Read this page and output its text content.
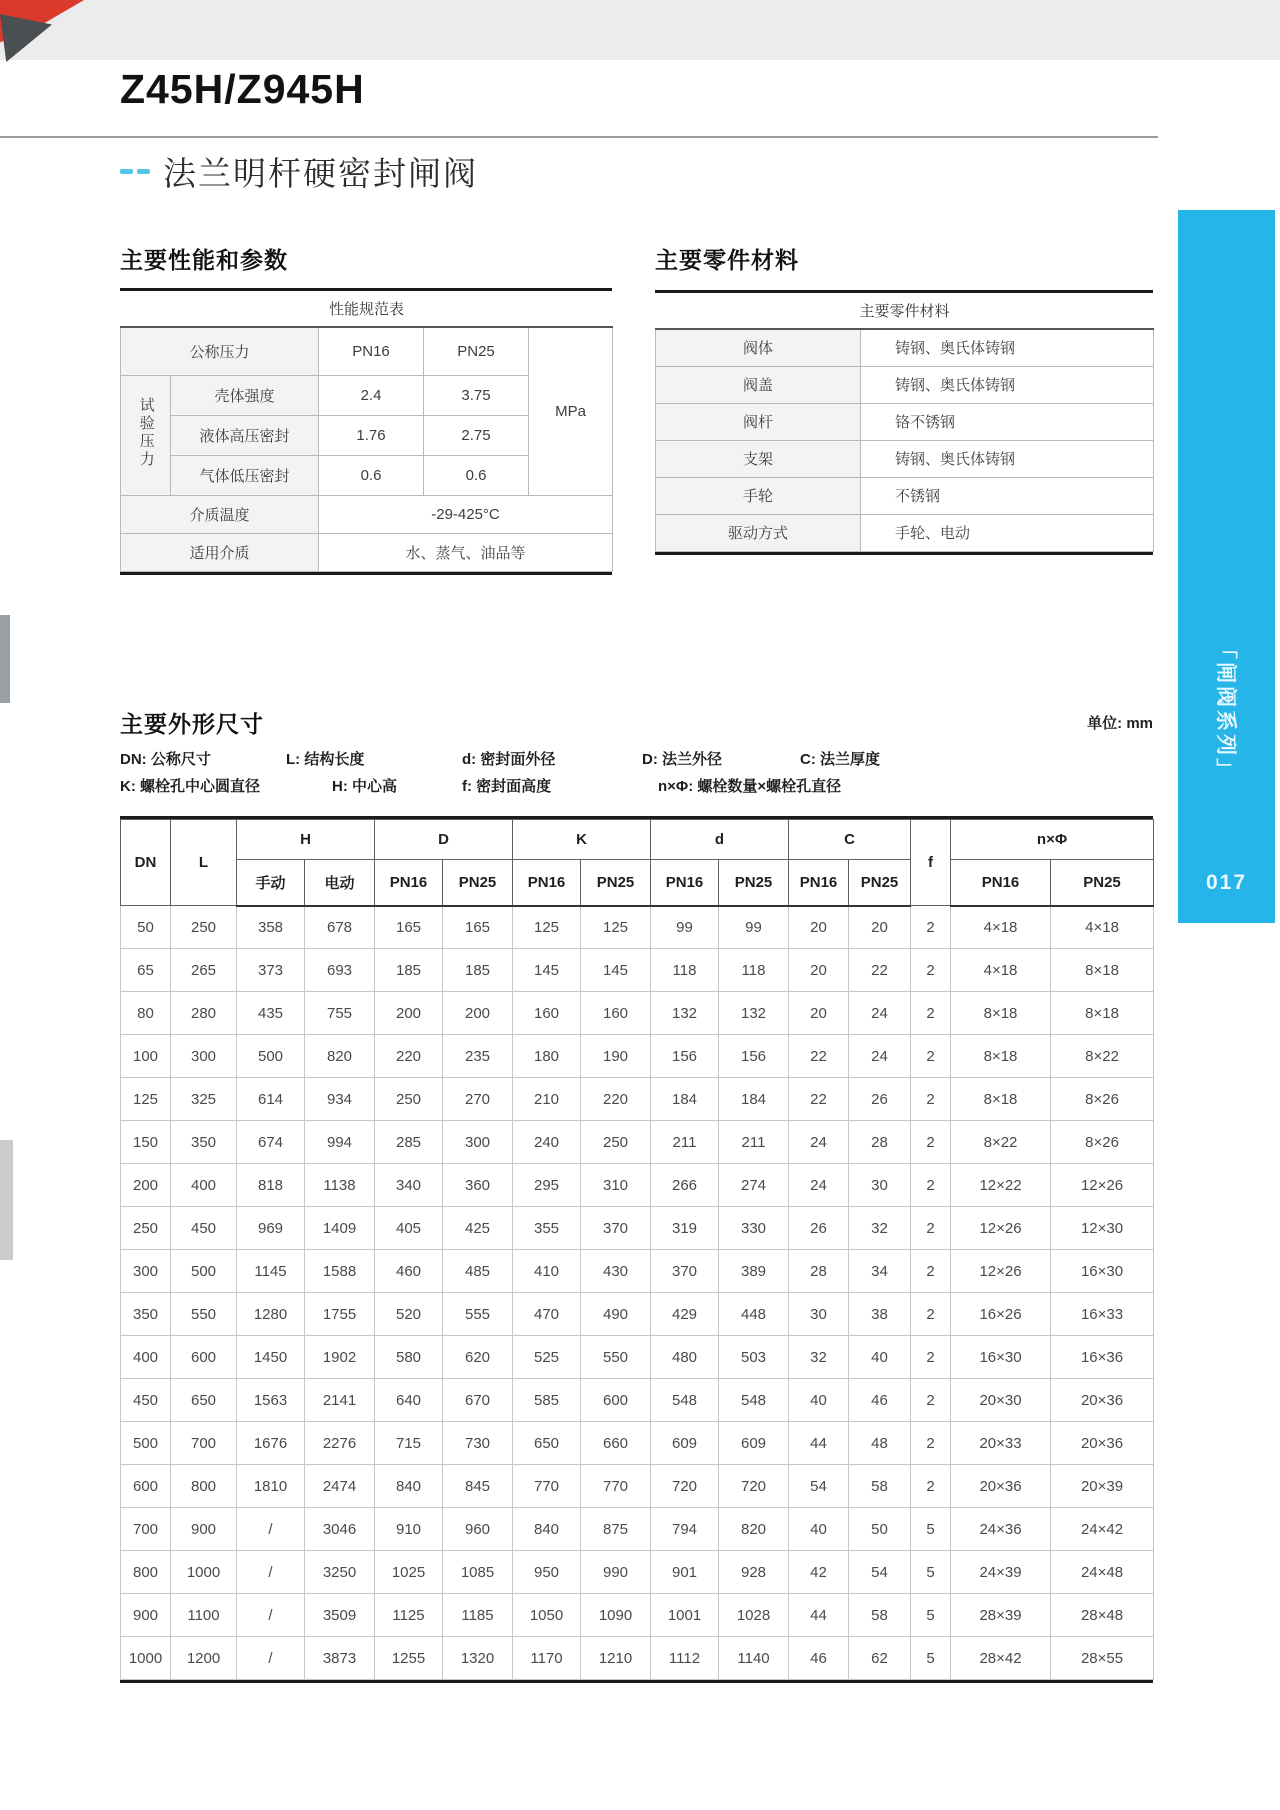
Z45H/Z945H
法兰明杆硬密封闸阀
主要性能和参数	主要零件材料
性能规范表				
公称压力		PN16	PN25	MPa
试验压力	壳体强度	2.4	3.75	
	液体高压密封	1.76	2.75	
	气体低压密封	0.6	0.6	
介质温度		-29-425°C		
适用介质		水、蒸气、油品等		
主要零件材料	
阀体	铸钢、奥氏体铸钢
阀盖	铸钢、奥氏体铸钢
阀杆	铬不锈钢
支架	铸钢、奥氏体铸钢
手轮	不锈钢
驱动方式	手轮、电动
主要外形尺寸	单位: mm
DN: 公称尺寸	L: 结构长度	d: 密封面外径	D: 法兰外径	C: 法兰厚度
K: 螺栓孔中心圆直径	H: 中心高	f: 密封面高度	n×Φ: 螺栓数量×螺栓孔直径
DN	L	H		D		K		d		C		f	n×Φ	
		手动	电动	PN16	PN25	PN16	PN25	PN16	PN25	PN16	PN25		PN16	PN25
50	250	358	678	165	165	125	125	99	99	20	20	2	4×18	4×18
65	265	373	693	185	185	145	145	118	118	20	22	2	4×18	8×18
80	280	435	755	200	200	160	160	132	132	20	24	2	8×18	8×18
100	300	500	820	220	235	180	190	156	156	22	24	2	8×18	8×22
125	325	614	934	250	270	210	220	184	184	22	26	2	8×18	8×26
150	350	674	994	285	300	240	250	211	211	24	28	2	8×22	8×26
200	400	818	1138	340	360	295	310	266	274	24	30	2	12×22	12×26
250	450	969	1409	405	425	355	370	319	330	26	32	2	12×26	12×30
300	500	1145	1588	460	485	410	430	370	389	28	34	2	12×26	16×30
350	550	1280	1755	520	555	470	490	429	448	30	38	2	16×26	16×33
400	600	1450	1902	580	620	525	550	480	503	32	40	2	16×30	16×36
450	650	1563	2141	640	670	585	600	548	548	40	46	2	20×30	20×36
500	700	1676	2276	715	730	650	660	609	609	44	48	2	20×33	20×36
600	800	1810	2474	840	845	770	770	720	720	54	58	2	20×36	20×39
700	900	/	3046	910	960	840	875	794	820	40	50	5	24×36	24×42
800	1000	/	3250	1025	1085	950	990	901	928	42	54	5	24×39	24×48
900	1100	/	3509	1125	1185	1050	1090	1001	1028	44	58	5	28×39	28×48
1000	1200	/	3873	1255	1320	1170	1210	1112	1140	46	62	5	28×42	28×55
「闸阀系列」
017
